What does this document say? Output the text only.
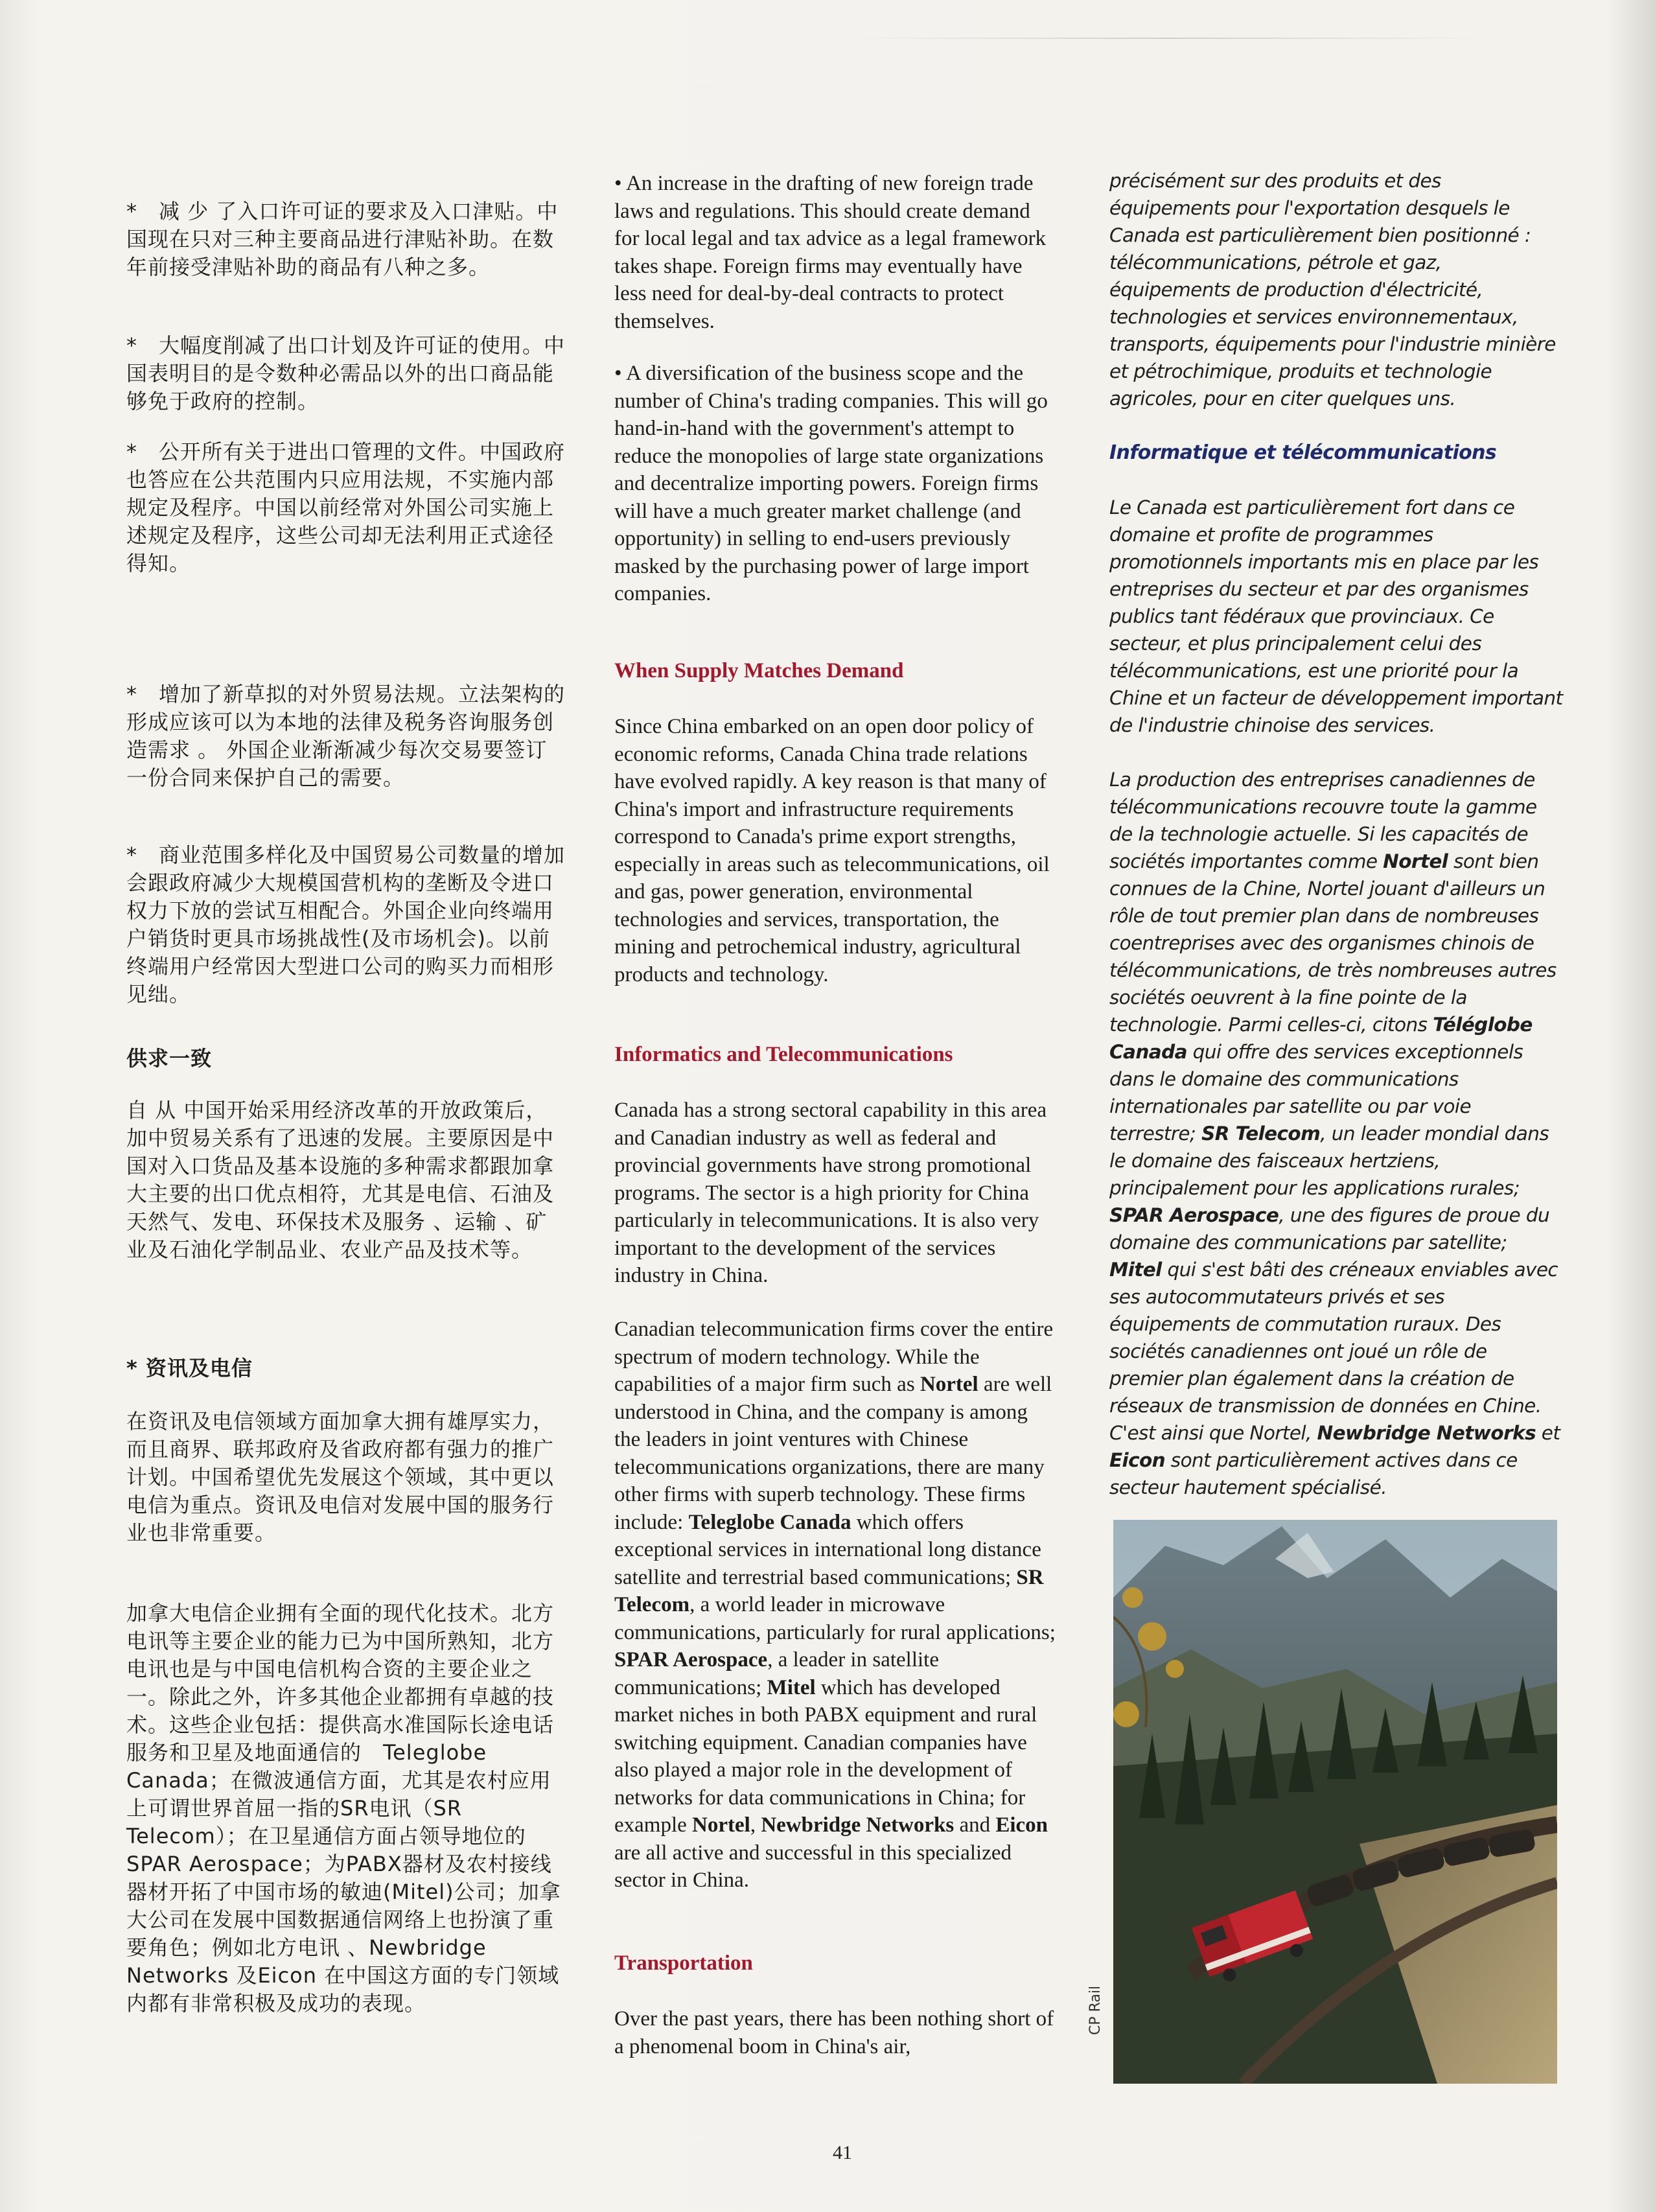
*　减 少 了入口许可证的要求及入口津贴。中国现在只对三种主要商品进行津贴补助。在数年前接受津贴补助的商品有八种之多。

*　大幅度削减了出口计划及许可证的使用。中国表明目的是令数种必需品以外的出口商品能够免于政府的控制。

*　公开所有关于进出口管理的文件。中国政府也答应在公共范围内只应用法规，不实施内部规定及程序。中国以前经常对外国公司实施上述规定及程序，这些公司却无法利用正式途径得知。

*　增加了新草拟的对外贸易法规。立法架构的形成应该可以为本地的法律及税务咨询服务创造需求 。 外国企业渐渐减少每次交易要签订一份合同来保护自己的需要。

*　商业范围多样化及中国贸易公司数量的增加会跟政府减少大规模国营机构的垄断及令进口权力下放的尝试互相配合。外国企业向终端用户销货时更具市场挑战性(及市场机会)。以前终端用户经常因大型进口公司的购买力而相形见绌。

供求一致

自 从 中国开始采用经济改革的开放政策后，加中贸易关系有了迅速的发展。主要原因是中国对入口货品及基本设施的多种需求都跟加拿大主要的出口优点相符，尤其是电信、石油及天然气、发电、环保技术及服务 、运输 、矿业及石油化学制品业、农业产品及技术等。

* 资讯及电信

在资讯及电信领域方面加拿大拥有雄厚实力，而且商界、联邦政府及省政府都有强力的推广计划。中国希望优先发展这个领域，其中更以电信为重点。资讯及电信对发展中国的服务行业也非常重要。

加拿大电信企业拥有全面的现代化技术。北方电讯等主要企业的能力已为中国所熟知，北方电讯也是与中国电信机构合资的主要企业之一。除此之外，许多其他企业都拥有卓越的技术。这些企业包括：提供高水准国际长途电话服务和卫星及地面通信的　Teleglobe Canada；在微波通信方面，尤其是农村应用上可谓世界首屈一指的SR电讯（SR Telecom）；在卫星通信方面占领导地位的　SPAR Aerospace；为PABX器材及农村接线器材开拓了中国市场的敏迪(Mitel)公司；加拿大公司在发展中国数据通信网络上也扮演了重要角色；例如北方电讯 、Newbridge Networks 及Eicon 在中国这方面的专门领域内都有非常积极及成功的表现。

• An increase in the drafting of new foreign trade laws and regulations. This should create demand for local legal and tax advice as a legal framework takes shape. Foreign firms may eventually have less need for deal-by-deal contracts to protect themselves.

• A diversification of the business scope and the number of China's trading companies. This will go hand-in-hand with the government's attempt to reduce the monopolies of large state organizations and decentralize importing powers. Foreign firms will have a much greater market challenge (and opportunity) in selling to end-users previously masked by the purchasing power of large import companies.

When Supply Matches Demand

Since China embarked on an open door policy of economic reforms, Canada China trade relations have evolved rapidly. A key reason is that many of China's import and infrastructure requirements correspond to Canada's prime export strengths, especially in areas such as telecommunications, oil and gas, power generation, environmental technologies and services, transportation, the mining and petrochemical industry, agricultural products and technology.

Informatics and Telecommunications

Canada has a strong sectoral capability in this area and Canadian industry as well as federal and provincial governments have strong promotional programs. The sector is a high priority for China particularly in telecommunications. It is also very important to the development of the services industry in China.

Canadian telecommunication firms cover the entire spectrum of modern technology. While the capabilities of a major firm such as Nortel are well understood in China, and the company is among the leaders in joint ventures with Chinese telecommunications organizations, there are many other firms with superb technology. These firms include: Teleglobe Canada which offers exceptional services in international long distance satellite and terrestrial based communications; SR Telecom, a world leader in microwave communications, particularly for rural applications; SPAR Aerospace, a leader in satellite communications; Mitel which has developed market niches in both PABX equipment and rural switching equipment. Canadian companies have also played a major role in the development of networks for data communications in China; for example Nortel, Newbridge Networks and Eicon are all active and successful in this specialized sector in China.

Transportation

Over the past years, there has been nothing short of a phenomenal boom in China's air,

précisément sur des produits et des équipements pour l'exportation desquels le Canada est particulièrement bien positionné : télécommunications, pétrole et gaz, équipements de production d'électricité, technologies et services environnementaux, transports, équipements pour l'industrie minière et pétrochimique, produits et technologie agricoles, pour en citer quelques uns.

Informatique et télécommunications

Le Canada est particulièrement fort dans ce domaine et profite de programmes promotionnels importants mis en place par les entreprises du secteur et par des organismes publics tant fédéraux que provinciaux. Ce secteur, et plus principalement celui des télécommunications, est une priorité pour la Chine et un facteur de développement important de l'industrie chinoise des services.

La production des entreprises canadiennes de télécommunications recouvre toute la gamme de la technologie actuelle. Si les capacités de sociétés importantes comme Nortel sont bien connues de la Chine, Nortel jouant d'ailleurs un rôle de tout premier plan dans de nombreuses coentreprises avec des organismes chinois de télécommunications, de très nombreuses autres sociétés oeuvrent à la fine pointe de la technologie. Parmi celles-ci, citons Téléglobe Canada qui offre des services exceptionnels dans le domaine des communications internationales par satellite ou par voie terrestre; SR Telecom, un leader mondial dans le domaine des faisceaux hertziens, principalement pour les applications rurales; SPAR Aerospace, une des figures de proue du domaine des communications par satellite; Mitel qui s'est bâti des créneaux enviables avec ses autocommutateurs privés et ses équipements de commutation ruraux. Des sociétés canadiennes ont joué un rôle de premier plan également dans la création de réseaux de transmission de données en Chine. C'est ainsi que Nortel, Newbridge Networks et Eicon sont particulièrement actives dans ce secteur hautement spécialisé.

CP Rail
41
